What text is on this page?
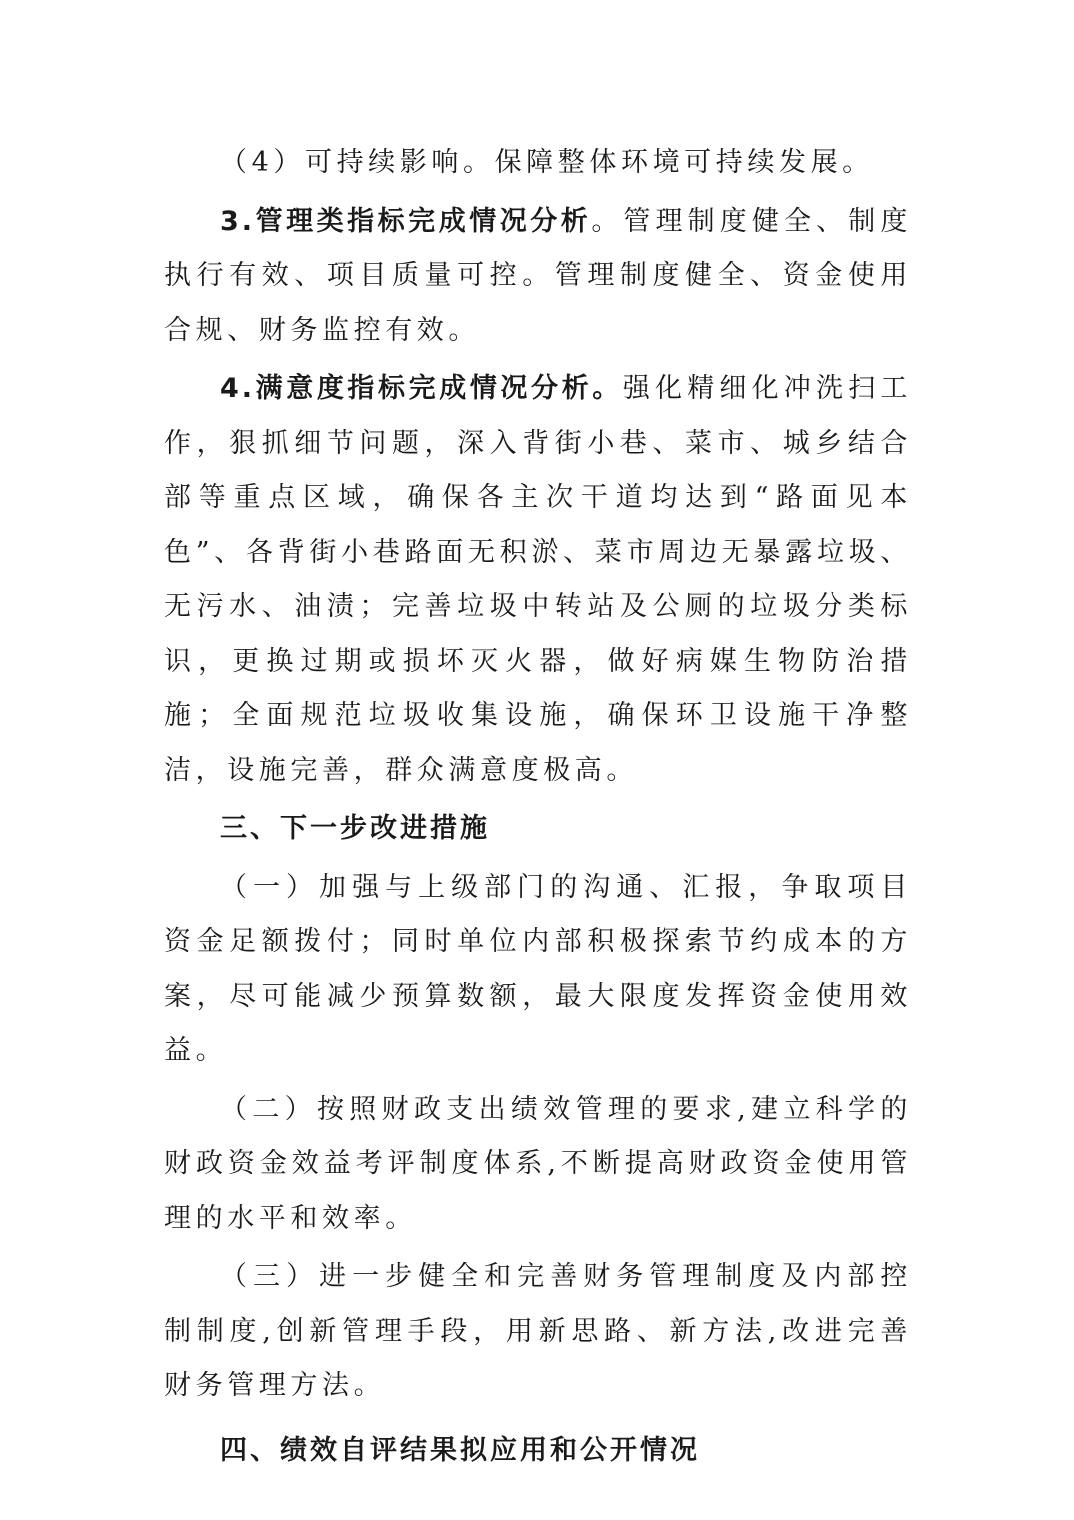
（4）可持续影响。保障整体环境可持续发展。

3.管理类指标完成情况分析。管理制度健全、制度执行有效、项目质量可控。管理制度健全、资金使用合规、财务监控有效。

4.满意度指标完成情况分析。强化精细化冲洗扫工作，狠抓细节问题，深入背街小巷、菜市、城乡结合部等重点区域，确保各主次干道均达到“路面见本色”、各背街小巷路面无积淤、菜市周边无暴露垃圾、无污水、油渍；完善垃圾中转站及公厕的垃圾分类标识，更换过期或损坏灭火器，做好病媒生物防治措施；全面规范垃圾收集设施，确保环卫设施干净整洁，设施完善，群众满意度极高。

三、下一步改进措施

（一）加强与上级部门的沟通、汇报，争取项目资金足额拨付；同时单位内部积极探索节约成本的方案，尽可能减少预算数额，最大限度发挥资金使用效益。

（二）按照财政支出绩效管理的要求,建立科学的财政资金效益考评制度体系,不断提高财政资金使用管理的水平和效率。

（三）进一步健全和完善财务管理制度及内部控制制度,创新管理手段，用新思路、新方法,改进完善财务管理方法。

四、绩效自评结果拟应用和公开情况
